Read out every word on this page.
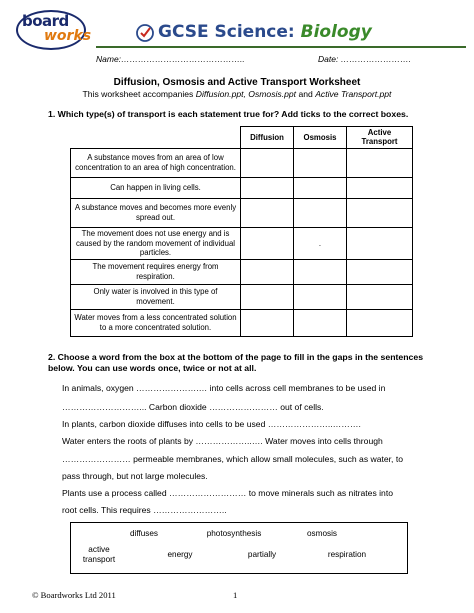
board
works	GCSE Science: Biology
Name:……………………………………..	Date: …………………….
Diffusion, Osmosis and Active Transport Worksheet
This worksheet accompanies Diffusion.ppt, Osmosis.ppt and Active Transport.ppt
1. Which type(s) of transport is each statement true for? Add ticks to the correct boxes.
	Diffusion	Osmosis	Active Transport
A substance moves from an area of low concentration to an area of high concentration.			
Can happen in living cells.			
A substance moves and becomes more evenly spread out.			
The movement does not use energy and is caused by the random movement of individual particles.		.	
The movement requires energy from respiration.			
Only water is involved in this type of movement.			
Water moves from a less concentrated solution to a more concentrated solution.			
2. Choose a word from the box at the bottom of the page to fill in the gaps in the sentences below. You can use words once, twice or not at all.
In animals, oxygen ………………….… into cells across cell membranes to be used in
………………………... Carbon dioxide …………………… out of cells.
In plants, carbon dioxide diffuses into cells to be used …………………..……….
Water enters the roots of plants by ………………..…. Water moves into cells through
…………………… permeable membranes, which allow small molecules, such as water, to
pass through, but not large molecules.
Plants use a process called ……………………… to move minerals such as nitrates into
root cells. This requires ……………………..
diffuses	photosynthesis	osmosis
active transport
energy	partially	respiration
© Boardworks Ltd 2011	1
